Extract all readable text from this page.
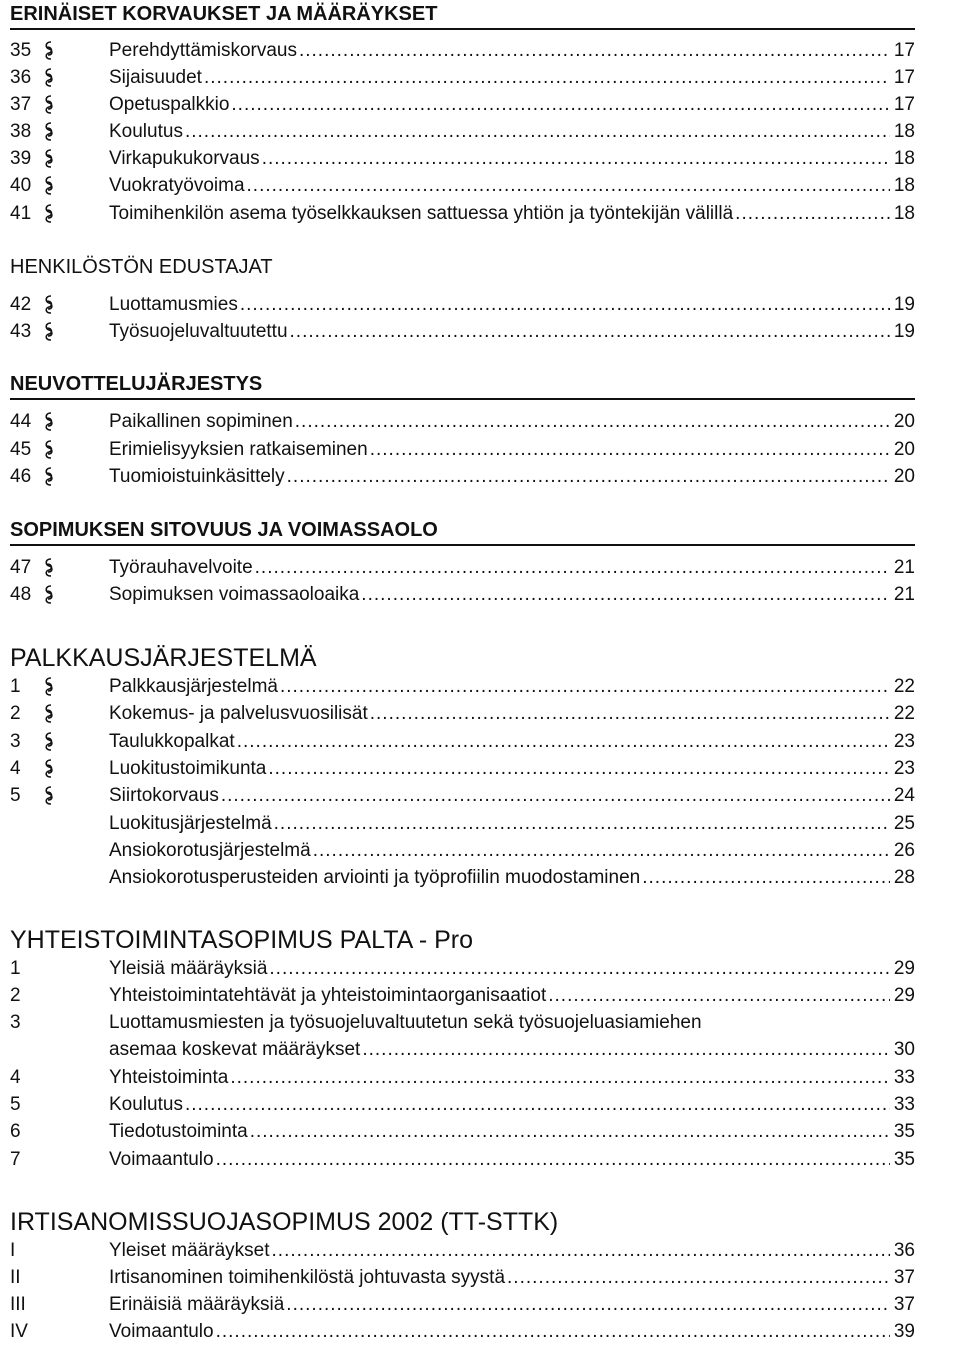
ERINÄISET KORVAUKSET JA MÄÄRÄYKSET
35	Perehdyttämiskorvaus .....	17
36	Sijaisuudet .....	17
37	Opetuspalkkio .....	17
38	Koulutus .....	18
39	Virkapukukorvaus .....	18
40	Vuokratyövoima .....	18
41	Toimihenkilön asema työselkkauksen sattuessa yhtiön ja työntekijän välillä .....	18
HENKILÖSTÖN EDUSTAJAT
42	Luottamusmies .....	19
43	Työsuojeluvaltuutettu .....	19
NEUVOTTELUJÄRJESTYS
44	Paikallinen sopiminen .....	20
45	Erimielisyyksien ratkaiseminen .....	20
46	Tuomioistuinkäsittely .....	20
SOPIMUKSEN SITOVUUS JA VOIMASSAOLO
47	Työrauhavelvoite .....	21
48	Sopimuksen voimassaoloaika .....	21
PALKKAUSJÄRJESTELMÄ
1	Palkkausjärjestelmä .....	22
2	Kokemus- ja palvelusvuosilisät .....	22
3	Taulukkopalkat .....	23
4	Luokitustoimikunta .....	23
5	Siirtokorvaus .....	24
Luokitusjärjestelmä .....	25
Ansiokorotusjärjestelmä .....	26
Ansiokorotusperusteiden arviointi ja työprofiilin muodostaminen .....	28
YHTEISTOIMINTASOPIMUS PALTA - Pro
1	Yleisiä määräyksiä .....	29
2	Yhteistoimintatehtävät ja yhteistoimintaorganisaatiot .....	29
3	Luottamusmiesten ja työsuojeluvaltuutetun sekä työsuojeluasiamiehen
asemaa koskevat määräykset .....	30
4	Yhteistoiminta .....	33
5	Koulutus .....	33
6	Tiedotustoiminta .....	35
7	Voimaantulo .....	35
IRTISANOMISSUOJASOPIMUS 2002 (TT-STTK)
I	Yleiset määräykset .....	36
II	Irtisanominen toimihenkilöstä johtuvasta syystä .....	37
III	Erinäisiä määräyksiä .....	37
IV	Voimaantulo .....	39
